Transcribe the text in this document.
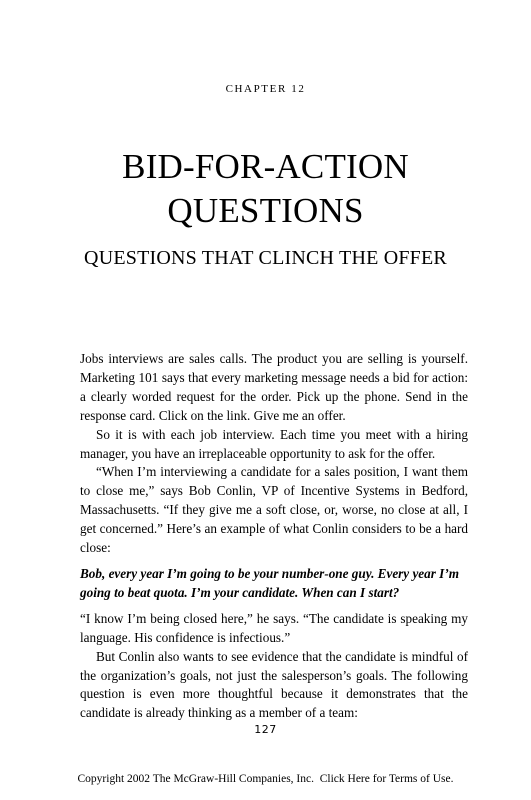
CHAPTER 12
BID-FOR-ACTION
QUESTIONS
QUESTIONS THAT CLINCH THE OFFER

Jobs interviews are sales calls. The product you are selling is yourself. Marketing 101 says that every marketing message needs a bid for action: a clearly worded request for the order. Pick up the phone. Send in the response card. Click on the link. Give me an offer.

So it is with each job interview. Each time you meet with a hiring manager, you have an irreplaceable opportunity to ask for the offer.

“When I’m interviewing a candidate for a sales position, I want them to close me,” says Bob Conlin, VP of Incentive Systems in Bedford, Massachusetts. “If they give me a soft close, or, worse, no close at all, I get concerned.” Here’s an example of what Conlin considers to be a hard close:

Bob, every year I’m going to be your number-one guy. Every year I’m going to beat quota. I’m your candidate. When can I start?

“I know I’m being closed here,” he says. “The candidate is speaking my language. His confidence is infectious.”

But Conlin also wants to see evidence that the candidate is mindful of the organization’s goals, not just the salesperson’s goals. The following question is even more thoughtful because it demonstrates that the candidate is already thinking as a member of a team:

127
Copyright 2002 The McGraw-Hill Companies, Inc. Click Here for Terms of Use.
